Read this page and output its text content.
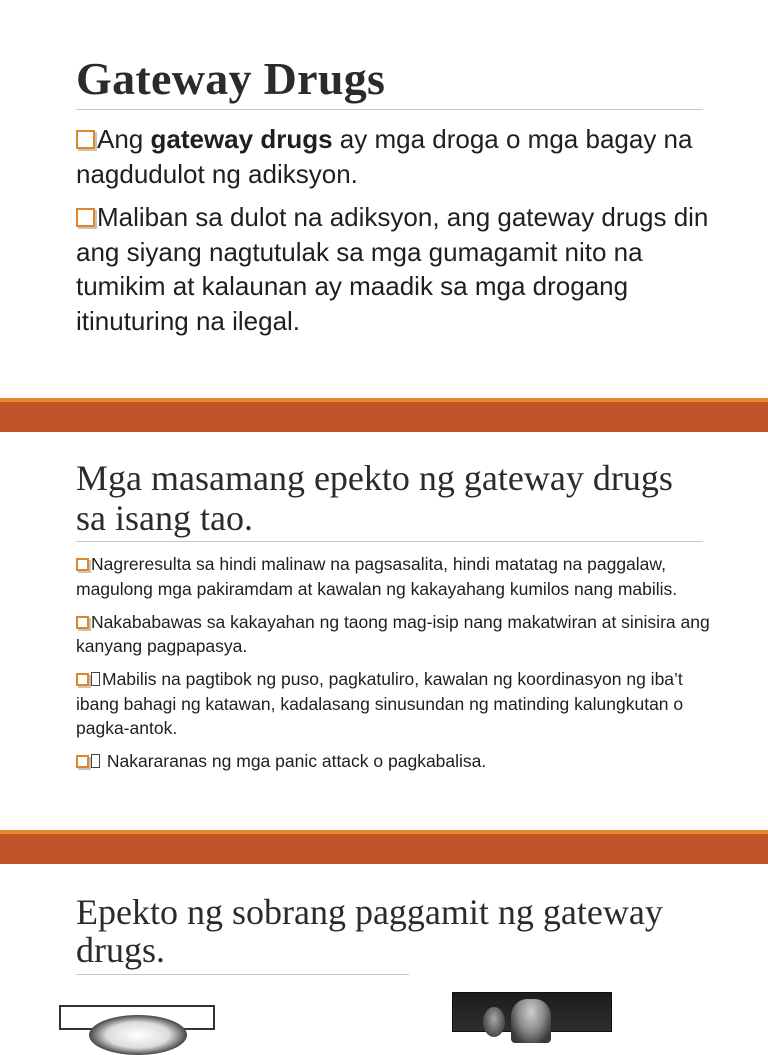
Gateway Drugs
Ang gateway drugs ay mga droga o mga bagay na nagdudulot ng adiksyon.
Maliban sa dulot na adiksyon, ang gateway drugs din ang siyang nagtutulak sa mga gumagamit nito na tumikim at kalaunan ay maadik sa mga drogang itinuturing na ilegal.
Mga masamang epekto ng gateway drugs sa isang tao.
Nagreresulta sa hindi malinaw na pagsasalita, hindi matatag na paggalaw, magulong mga pakiramdam at kawalan ng kakayahang kumilos nang mabilis.
Nakababawas sa kakayahan ng taong mag-isip nang makatwiran at sinisira ang kanyang pagpapasya.
Mabilis na pagtibok ng puso, pagkatuliro, kawalan ng koordinasyon ng iba’t ibang bahagi ng katawan, kadalasang sinusundan ng matinding kalungkutan o pagka-antok.
Nakararanas ng mga panic attack o pagkabalisa.
Epekto ng sobrang paggamit ng gateway drugs.
